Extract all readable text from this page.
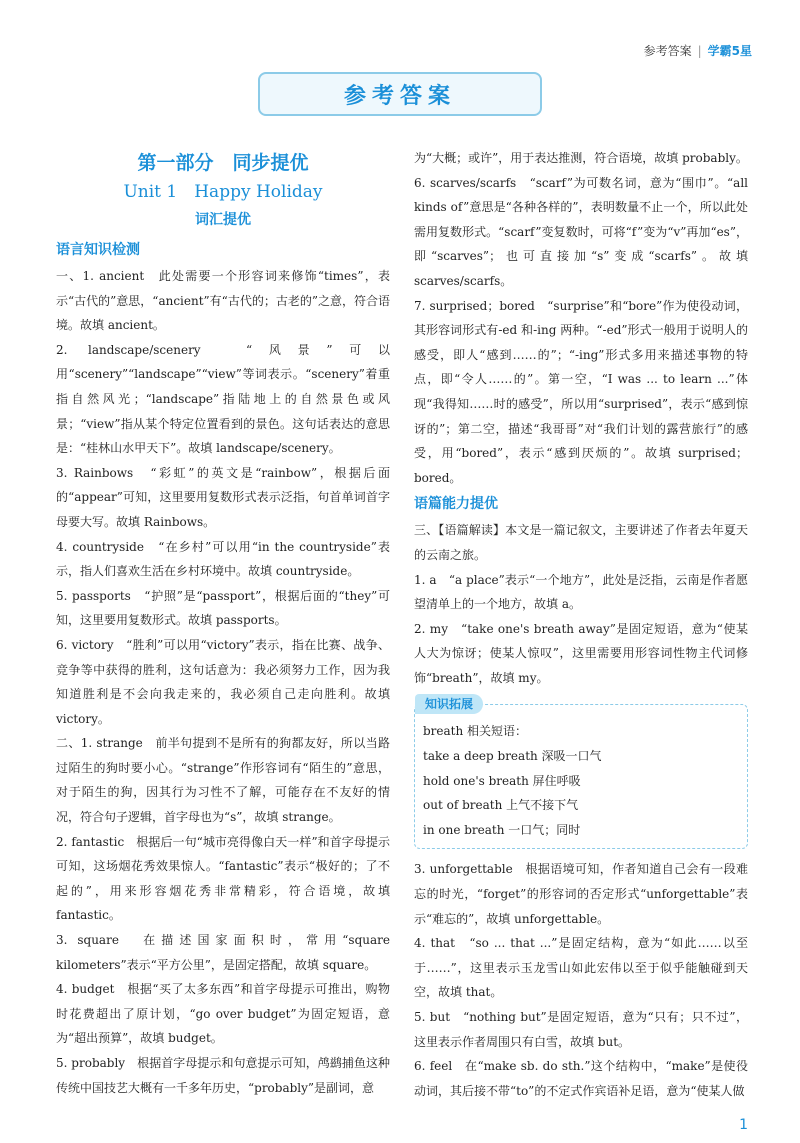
参考答案 | 学霸5星
参考答案
第一部分　同步提优
Unit 1　Happy Holiday
词汇提优
语言知识检测

一、1. ancient　此处需要一个形容词来修饰“times”，表示“古代的”意思，“ancient”有“古代的；古老的”之意，符合语境。故填 ancient。

2. landscape/scenery　“风景”可以用“scenery”“landscape”“view”等词表示。“scenery”着重指自然风光；“landscape”指陆地上的自然景色或风景；“view”指从某个特定位置看到的景色。这句话表达的意思是：“桂林山水甲天下”。故填 landscape/scenery。

3. Rainbows　“彩虹”的英文是“rainbow”，根据后面的“appear”可知，这里要用复数形式表示泛指，句首单词首字母要大写。故填 Rainbows。

4. countryside　“在乡村”可以用“in the countryside”表示，指人们喜欢生活在乡村环境中。故填 countryside。

5. passports　“护照”是“passport”，根据后面的“they”可知，这里要用复数形式。故填 passports。

6. victory　“胜利”可以用“victory”表示，指在比赛、战争、竞争等中获得的胜利，这句话意为：我必须努力工作，因为我知道胜利是不会向我走来的，我必须自己走向胜利。故填 victory。

二、1. strange　前半句提到不是所有的狗都友好，所以当路过陌生的狗时要小心。“strange”作形容词有“陌生的”意思，对于陌生的狗，因其行为习性不了解，可能存在不友好的情况，符合句子逻辑，首字母也为“s”，故填 strange。

2. fantastic　根据后一句“城市亮得像白天一样”和首字母提示可知，这场烟花秀效果惊人。“fantastic”表示“极好的；了不起的”，用来形容烟花秀非常精彩，符合语境，故填 fantastic。

3. square　在描述国家面积时，常用“square kilometers”表示“平方公里”，是固定搭配，故填 square。

4. budget　根据“买了太多东西”和首字母提示可推出，购物时花费超出了原计划，“go over budget”为固定短语，意为“超出预算”，故填 budget。

5. probably　根据首字母提示和句意提示可知，鸬鹚捕鱼这种传统中国技艺大概有一千多年历史，“probably”是副词，意

为“大概；或许”，用于表达推测，符合语境，故填 probably。

6. scarves/scarfs　“scarf”为可数名词，意为“围巾”。“all kinds of”意思是“各种各样的”，表明数量不止一个，所以此处需用复数形式。“scarf”变复数时，可将“f”变为“v”再加“es”，即“scarves”；也可直接加“s”变成“scarfs”。故填 scarves/scarfs。

7. surprised；bored　“surprise”和“bore”作为使役动词，其形容词形式有-ed 和-ing 两种。“-ed”形式一般用于说明人的感受，即人“感到……的”；“-ing”形式多用来描述事物的特点，即“令人……的”。第一空，“I was ... to learn ...”体现“我得知……时的感受”，所以用“surprised”，表示“感到惊讶的”；第二空，描述“我哥哥”对“我们计划的露营旅行”的感受，用“bored”，表示“感到厌烦的”。故填 surprised；bored。

语篇能力提优

三、【语篇解读】本文是一篇记叙文，主要讲述了作者去年夏天的云南之旅。

1. a　“a place”表示“一个地方”，此处是泛指，云南是作者愿望清单上的一个地方，故填 a。

2. my　“take one's breath away”是固定短语，意为“使某人大为惊讶；使某人惊叹”，这里需要用形容词性物主代词修饰“breath”，故填 my。

知识拓展
breath 相关短语：
take a deep breath 深吸一口气
hold one's breath 屏住呼吸
out of breath 上气不接下气
in one breath 一口气；同时

3. unforgettable　根据语境可知，作者知道自己会有一段难忘的时光，“forget”的形容词的否定形式“unforgettable”表示“难忘的”，故填 unforgettable。

4. that　“so ... that ...”是固定结构，意为“如此……以至于……”，这里表示玉龙雪山如此宏伟以至于似乎能触碰到天空，故填 that。

5. but　“nothing but”是固定短语，意为“只有；只不过”，这里表示作者周围只有白雪，故填 but。

6. feel　在“make sb. do sth.”这个结构中，“make”是使役动词，其后接不带“to”的不定式作宾语补足语，意为“使某人做

1
